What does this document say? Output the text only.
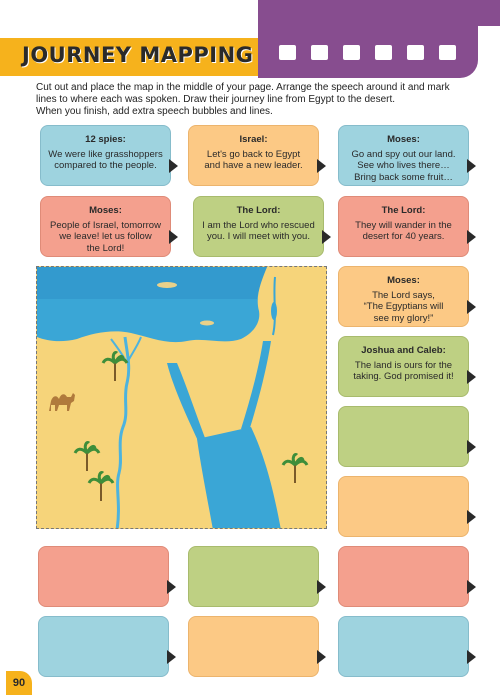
JOURNEY MAPPING
Cut out and place the map in the middle of your page. Arrange the speech around it and mark
lines to where each was spoken. Draw their journey line from Egypt to the desert.
When you finish, add extra speech bubbles and lines.
12 spies:
We were like grasshoppers
compared to the people.
Israel:
Let's go back to Egypt
and have a new leader.
Moses:
Go and spy out our land.
See who lives there…
Bring back some fruit…
Moses:
People of Israel, tomorrow
we leave! let us follow
the Lord!
The Lord:
I am the Lord who rescued
you. I will meet with you.
The Lord:
They will wander in the
desert for 40 years.
Moses:
The Lord says,
“The Egyptians will
see my glory!”
Joshua and Caleb:
The land is ours for the
taking. God promised it!
90
